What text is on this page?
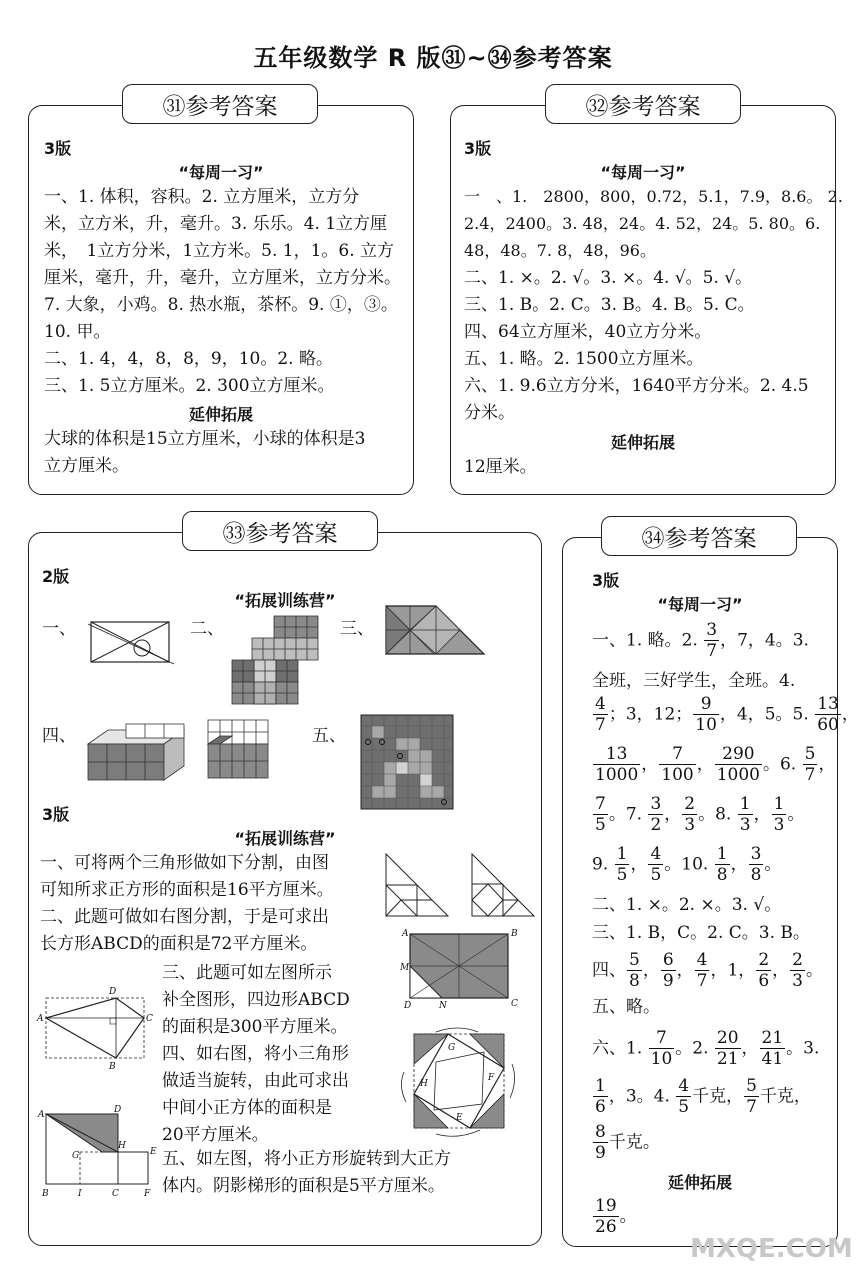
五年级数学 R 版㉛~㉞参考答案
㉛参考答案
3版
“每周一习”
一、1. 体积，容积。2. 立方厘米，立方分
米，立方米，升，毫升。3. 乐乐。4. 1立方厘
米，　1立方分米，1立方米。5. 1，1。6. 立方
厘米，毫升，升，毫升，立方厘米，立方分米。
7. 大象，小鸡。8. 热水瓶，茶杯。9. ①，③。
10. 甲。
二、1. 4，4，8，8，9，10。2. 略。
三、1. 5立方厘米。2. 300立方厘米。
延伸拓展
大球的体积是15立方厘米，小球的体积是3
立方厘米。
㉜参考答案
3版
“每周一习”
一　、1.　2800，800，0.72，5.1，7.9，8.6。 2.
2.4，2400。3. 48，24。4. 52，24。5. 80。6.
48，48。7. 8，48，96。
二、1. ×。2. √。3. ×。4. √。5. √。
三、1. B。2. C。3. B。4. B。5. C。
四、64立方厘米，40立方分米。
五、1. 略。2. 1500立方厘米。
六、1. 9.6立方分米，1640平方分米。2. 4.5
分米。
延伸拓展
12厘米。
㉝参考答案
2版
“拓展训练营”
一、	二、	三、
四、	五、
3版
“拓展训练营”
一、可将两个三角形做如下分割，由图
可知所求正方形的面积是16平方厘米。
二、此题可做如右图分割，于是可求出
长方形ABCD的面积是72平方厘米。	A	B
C
D
M
N
三、此题可如左图所示
补全图形，四边形ABCD
的面积是300平方厘米。
四、如右图，将小三角形
做适当旋转，由此可求出
中间小正方体的面积是
20平方厘米。
A
B
C
D
G
H
F
E
A
B	C
D
E
F
G
H
I
五、如左图，将小正方形旋转到大正方
体内。阴影梯形的面积是5平方厘米。
㉞参考答案
3版
“每周一习”
一、1. 略。2. $\frac{3}{7}$ ，7，4。3.
全班，三好学生，全班。4.
$\frac{4}{7}$ ；3，12； $\frac{9}{10}$ ，4，5。5. $\frac{13}{60}$ ，
$\frac{13}{1000}$ ， $\frac{7}{100}$ ， $\frac{290}{1000}$ 。6. $\frac{5}{7}$ ，
$\frac{7}{5}$ 。7. $\frac{3}{2}$ ， $\frac{2}{3}$ 。8. $\frac{1}{3}$ ， $\frac{1}{3}$ 。
9. $\frac{1}{5}$ ， $\frac{4}{5}$ 。10. $\frac{1}{8}$ ， $\frac{3}{8}$ 。
二、1. ×。2. ×。3. √。
三、1. B，C。2. C。3. B。
四、 $\frac{5}{8}$ ， $\frac{6}{9}$ ， $\frac{4}{7}$ ，1， $\frac{2}{6}$ ， $\frac{2}{3}$ 。
五、略。
六、1. $\frac{7}{10}$ 。2. $\frac{20}{21}$ ， $\frac{21}{41}$ 。3.
$\frac{1}{6}$ ，3。4. $\frac{4}{5}$ 千克， $\frac{5}{7}$ 千克，
$\frac{8}{9}$ 千克。
延伸拓展
$\frac{19}{26}$ 。
MXQE.COM
